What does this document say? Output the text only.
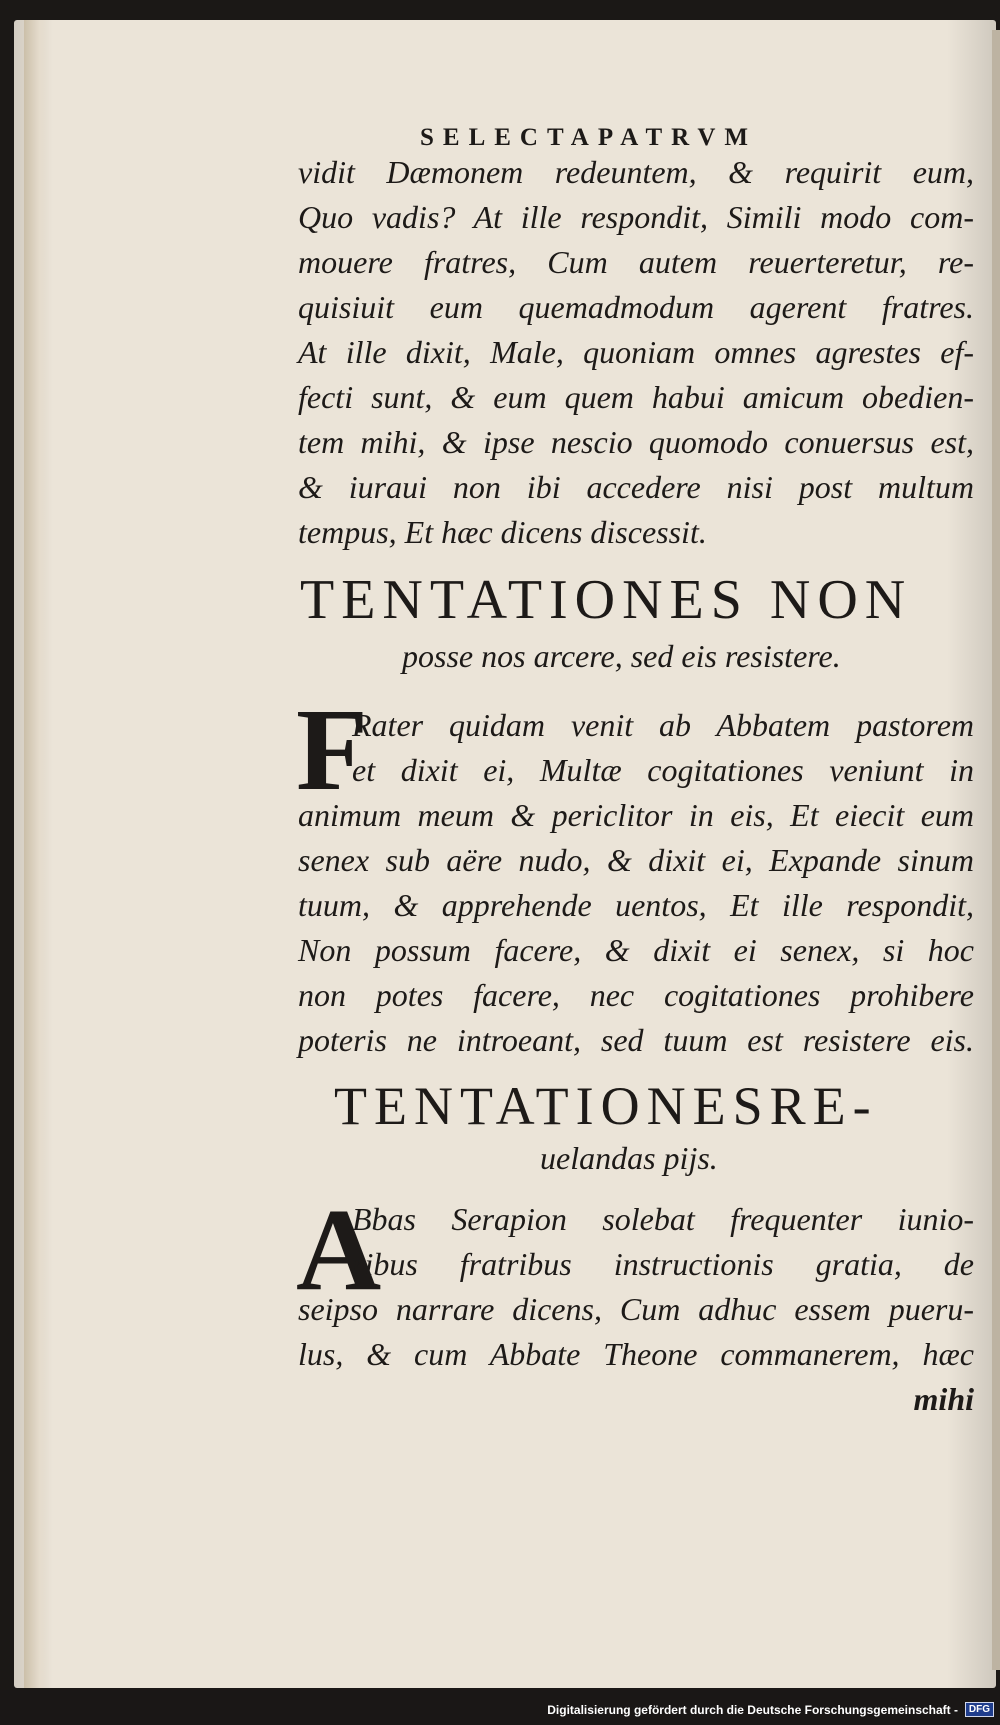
SELECTAPATRVM
vidit Dæmonem redeuntem, & requirit eum,
Quo vadis? At ille respondit, Simili modo com‑
mouere fratres, Cum autem reuerteretur, re‑
quisiuit eum quemadmodum agerent fratres.
At ille dixit, Male, quoniam omnes agrestes ef‑
fecti sunt, & eum quem habui amicum obedien‑
tem mihi, & ipse nescio quomodo conuersus est,
& iuraui non ibi accedere nisi post multum
tempus, Et hæc dicens discessit.
TENTATIONES NON
posse nos arcere, sed eis resistere.
F
Rater quidam venit ab Abbatem pastorem
et dixit ei, Multæ cogitationes veniunt in
animum meum & periclitor in eis, Et eiecit eum
senex sub aëre nudo, & dixit ei, Expande sinum
tuum, & apprehende uentos, Et ille respondit,
Non possum facere, & dixit ei senex, si hoc
non potes facere, nec cogitationes prohibere
poteris ne introeant, sed tuum est resistere eis.
TENTATIONESRE‑
uelandas pijs.
A
Bbas Serapion solebat frequenter iunio‑
ribus fratribus instructionis gratia, de
seipso narrare dicens, Cum adhuc essem pueru‑
lus, & cum Abbate Theone commanerem, hæc
mihi
Digitalisierung gefördert durch die Deutsche Forschungsgemeinschaft -	DFG
